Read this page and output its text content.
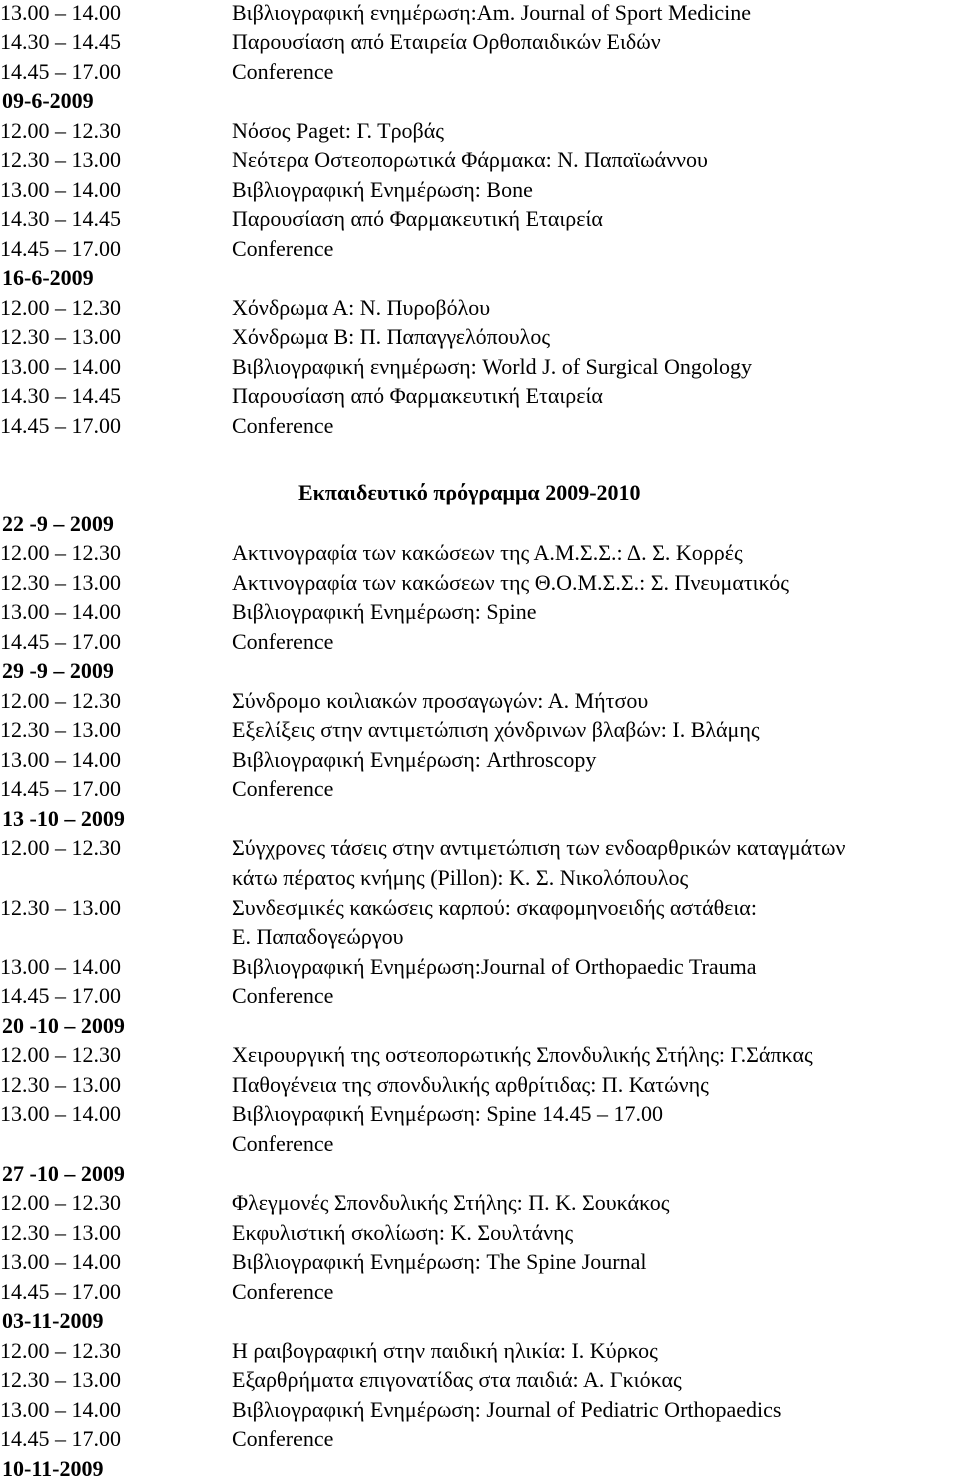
Εκπαιδευτικό πρόγραμμα 2009-2010
13.00 – 14.00	Βιβλιογραφική ενημέρωση:Am. Journal of Sport Medicine
14.30 – 14.45	Παρουσίαση από Εταιρεία Ορθοπαιδικών Ειδών
14.45 – 17.00	Conference
09-6-2009
12.00 – 12.30	Νόσος Paget: Γ. Τροβάς
12.30 – 13.00	Νεότερα Οστεοπορωτικά Φάρμακα: Ν. Παπαϊωάννου
13.00 – 14.00	Βιβλιογραφική Ενημέρωση: Bone
14.30 – 14.45	Παρουσίαση από Φαρμακευτική Εταιρεία
14.45 – 17.00	Conference
16-6-2009
12.00 – 12.30	Χόνδρωμα Α: Ν. Πυροβόλου
12.30 – 13.00	Χόνδρωμα Β: Π. Παπαγγελόπουλος
13.00 – 14.00	Βιβλιογραφική ενημέρωση: World J. of Surgical Ongology
14.30 – 14.45	Παρουσίαση από Φαρμακευτική Εταιρεία
14.45 – 17.00	Conference
22 -9 – 2009
12.00 – 12.30	Ακτινογραφία των κακώσεων της Α.Μ.Σ.Σ.: Δ. Σ. Κορρές
12.30 – 13.00	Ακτινογραφία των κακώσεων της Θ.Ο.Μ.Σ.Σ.: Σ. Πνευματικός
13.00 – 14.00	Βιβλιογραφική Ενημέρωση: Spine
14.45 – 17.00	Conference
29 -9 – 2009
12.00 – 12.30	Σύνδρομο κοιλιακών προσαγωγών: Α. Μήτσου
12.30 – 13.00	Εξελίξεις στην αντιμετώπιση χόνδρινων βλαβών: Ι. Βλάμης
13.00 – 14.00	Βιβλιογραφική Ενημέρωση: Arthroscopy
14.45 – 17.00	Conference
13 -10 – 2009
12.00 – 12.30	Σύγχρονες τάσεις στην αντιμετώπιση των ενδοαρθρικών καταγμάτων
κάτω πέρατος κνήμης (Pillon): Κ. Σ. Νικολόπουλος
12.30 – 13.00	Συνδεσμικές κακώσεις καρπού: σκαφομηνοειδής αστάθεια:
Ε. Παπαδογεώργου
13.00 – 14.00	Βιβλιογραφική Ενημέρωση:Journal of Orthopaedic Trauma
14.45 – 17.00	Conference
20 -10 – 2009
12.00 – 12.30	Χειρουργική της οστεοπορωτικής Σπονδυλικής Στήλης: Γ.Σάπκας
12.30 – 13.00	Παθογένεια της σπονδυλικής αρθρίτιδας: Π. Κατώνης
13.00 – 14.00	Βιβλιογραφική Ενημέρωση: Spine 14.45 – 17.00
Conference
27 -10 – 2009
12.00 – 12.30	Φλεγμονές Σπονδυλικής Στήλης: Π. Κ. Σουκάκος
12.30 – 13.00	Εκφυλιστική σκολίωση: Κ. Σουλτάνης
13.00 – 14.00	Βιβλιογραφική Ενημέρωση: The Spine Journal
14.45 – 17.00	Conference
03-11-2009
12.00 – 12.30	Η ραιβογραφική στην παιδική ηλικία: Ι. Κύρκος
12.30 – 13.00	Εξαρθρήματα επιγονατίδας στα παιδιά: Α. Γκιόκας
13.00 – 14.00	Βιβλιογραφική Ενημέρωση: Journal of Pediatric Orthopaedics
14.45 – 17.00	Conference
10-11-2009
